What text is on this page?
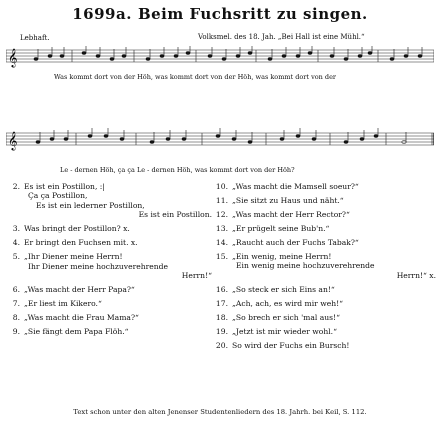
1699a. Beim Fuchsritt zu singen.
Lebhaft.	Volksmel. des 18. Jah. „Bei Hall ist eine Mühl.“
𝄞
Was kommt dort von der Höh, was kommt dort von der Höh, was kommt dort von der
𝄞
Le - dernen Höh, ça ça Le - dernen Höh, was kommt dort von der Höh?
2. Es ist ein Postillon, :|
Ça ça Postillon,
Es ist ein lederner Postillon,
Es ist ein Postillon.
3. Was bringt der Postillon? x.
4. Er bringt den Fuchsen mit. x.
5. „Ihr Diener meine Herrn!
Ihr Diener meine hochzuverehrende
Herrn!“
6. „Was macht der Herr Papa?“
7. „Er liest im Kikero.“
8. „Was macht die Frau Mama?“
9. „Sie fängt dem Papa Flöh.“
10. „Was macht die Mamsell soeur?“
11. „Sie sitzt zu Haus und näht.“
12. „Was macht der Herr Rector?“
13. „Er prügelt seine Bub'n.“
14. „Raucht auch der Fuchs Tabak?“
15. „Ein wenig, meine Herrn!
Ein wenig meine hochzuverehrende
Herrn!“ x.
16. „So steck er sich Eins an!“
17. „Ach, ach, es wird mir weh!“
18. „So brech er sich 'mal aus!“
19. „Jetzt ist mir wieder wohl.“
20. So wird der Fuchs ein Bursch!
Text schon unter den alten Jenenser Studentenliedern des 18. Jahrh. bei Keil, S. 112.
